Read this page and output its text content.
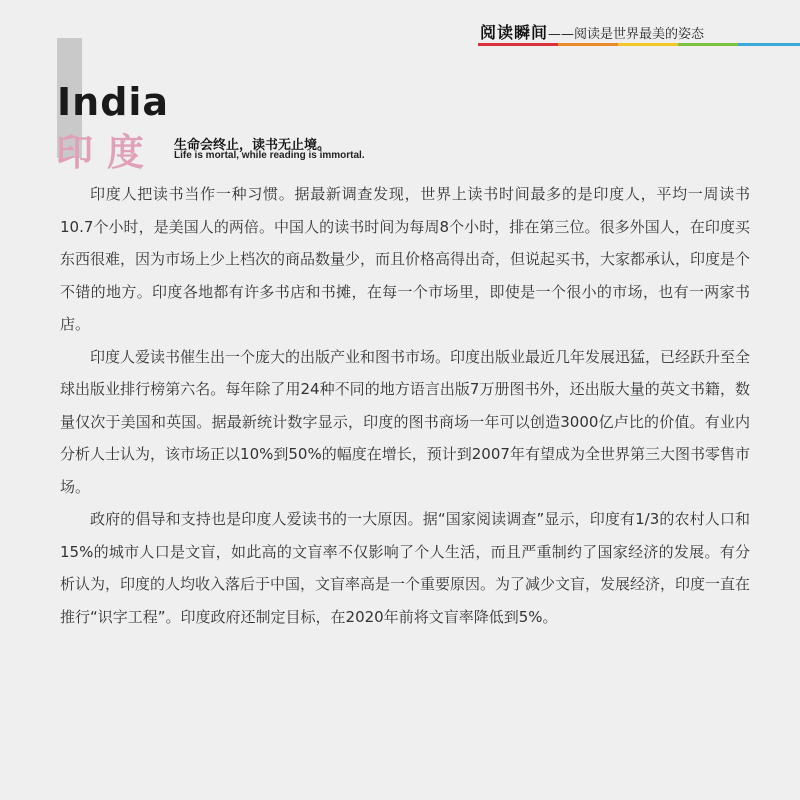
阅读瞬间——阅读是世界最美的姿态
India
印度 生命会终止，读书无止境。
Life is mortal, while reading is immortal.

印度人把读书当作一种习惯。据最新调查发现，世界上读书时间最多的是印度人，平均一周读书10.7个小时，是美国人的两倍。中国人的读书时间为每周8个小时，排在第三位。很多外国人，在印度买东西很难，因为市场上少上档次的商品数量少，而且价格高得出奇，但说起买书，大家都承认，印度是个不错的地方。印度各地都有许多书店和书摊，在每一个市场里，即使是一个很小的市场，也有一两家书店。

印度人爱读书催生出一个庞大的出版产业和图书市场。印度出版业最近几年发展迅猛，已经跃升至全球出版业排行榜第六名。每年除了用24种不同的地方语言出版7万册图书外，还出版大量的英文书籍，数量仅次于美国和英国。据最新统计数字显示，印度的图书商场一年可以创造3000亿卢比的价值。有业内分析人士认为，该市场正以10%到50%的幅度在增长，预计到2007年有望成为全世界第三大图书零售市场。

政府的倡导和支持也是印度人爱读书的一大原因。据“国家阅读调查”显示，印度有1/3的农村人口和15%的城市人口是文盲，如此高的文盲率不仅影响了个人生活，而且严重制约了国家经济的发展。有分析认为，印度的人均收入落后于中国，文盲率高是一个重要原因。为了减少文盲，发展经济，印度一直在推行“识字工程”。印度政府还制定目标，在2020年前将文盲率降低到5%。
